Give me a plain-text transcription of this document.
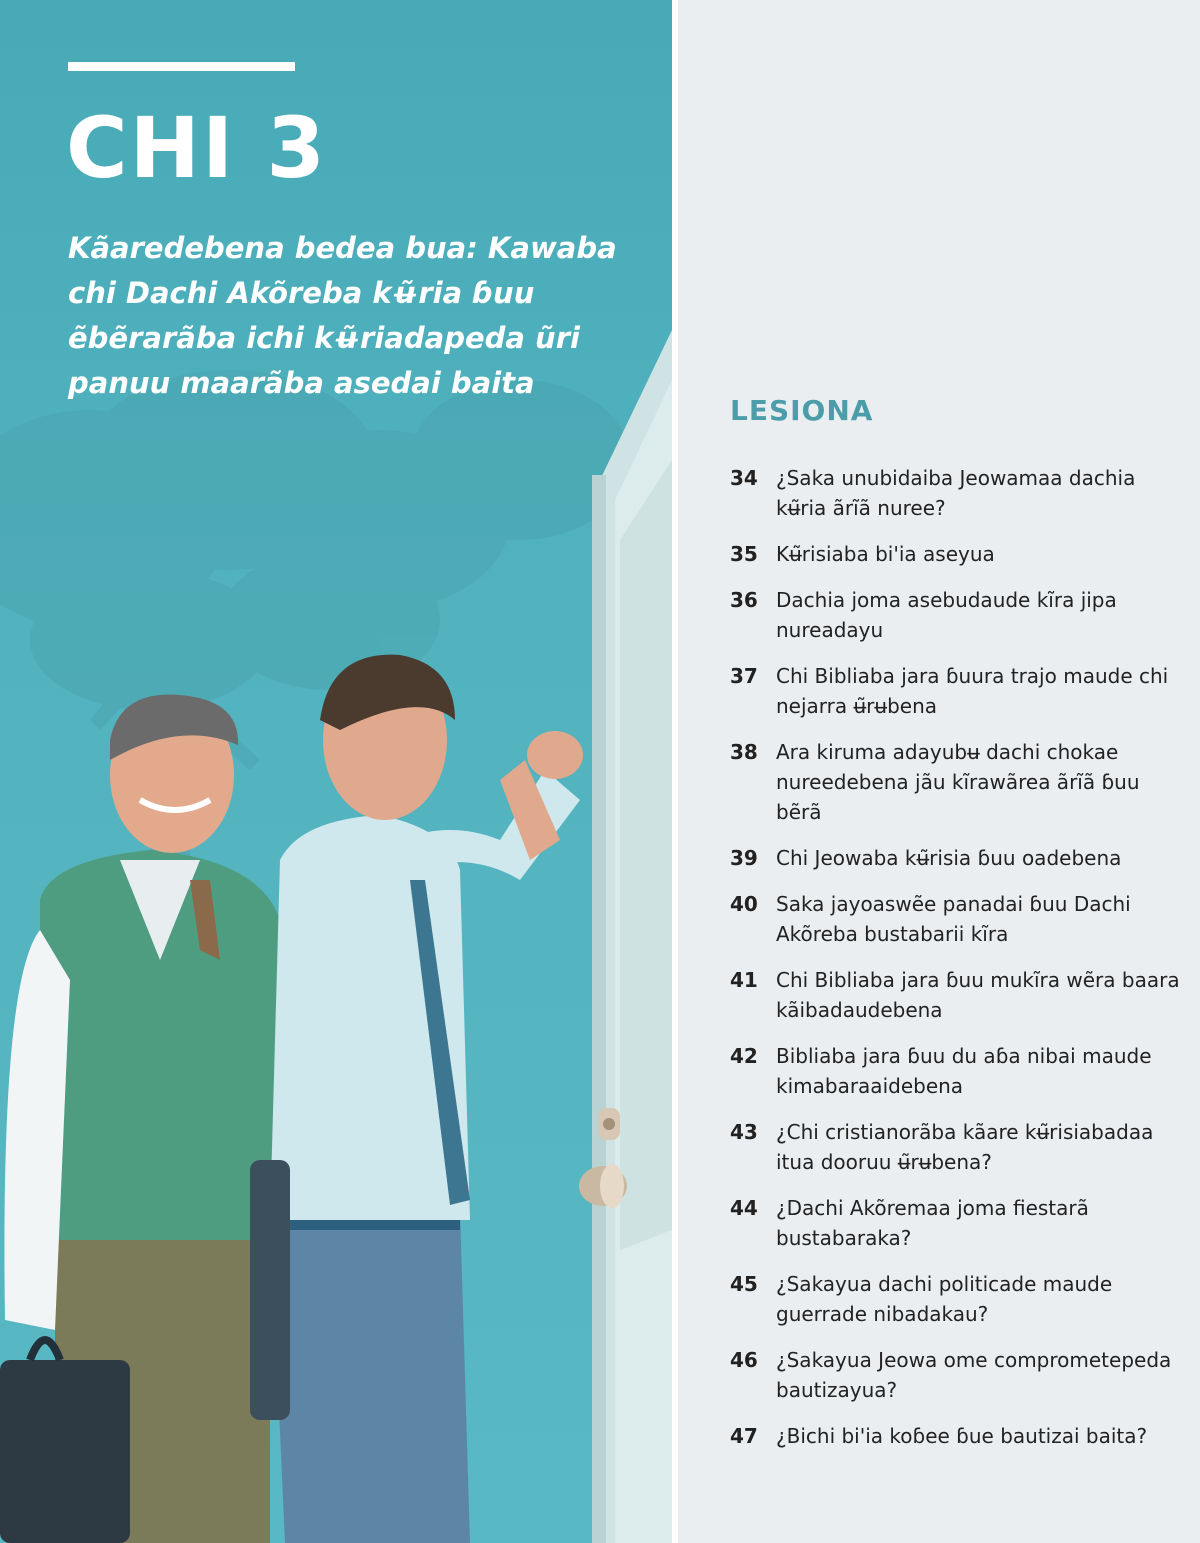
CHI 3

Kãaredebena bedea bua: Kawaba chi Dachi Akõreba kʉ̃ria ɓuu ẽbẽrarãba ichi kʉ̃riadapeda ũri panuu maarãba asedai baita

LESIONA
34 ¿Saka unubidaiba Jeowamaa dachia kʉ̃ria ãrĩã nuree?
35 Kʉ̃risiaba bi'ia aseyua
36 Dachia joma asebudaude kĩra jipa nureadayu
37 Chi Bibliaba jara ɓuura trajo maude chi nejarra ʉ̃rʉbena
38 Ara kiruma adayubʉ dachi chokae nureedebena jãu kĩrawãrea ãrĩã ɓuu bẽrã
39 Chi Jeowaba kʉ̃risia ɓuu oadebena
40 Saka jayoaswẽe panadai ɓuu Dachi Akõreba bustabarii kĩra
41 Chi Bibliaba jara ɓuu mukĩra wẽra baara kãibadaudebena
42 Bibliaba jara ɓuu du aɓa nibai maude kimabaraaidebena
43 ¿Chi cristianorãba kãare kʉ̃risiabadaa itua dooruu ʉ̃rʉbena?
44 ¿Dachi Akõremaa joma fiestarã bustabaraka?
45 ¿Sakayua dachi politicade maude guerrade nibadakau?
46 ¿Sakayua Jeowa ome comprometepeda bautizayua?
47 ¿Bichi bi'ia koɓee ɓue bautizai baita?
